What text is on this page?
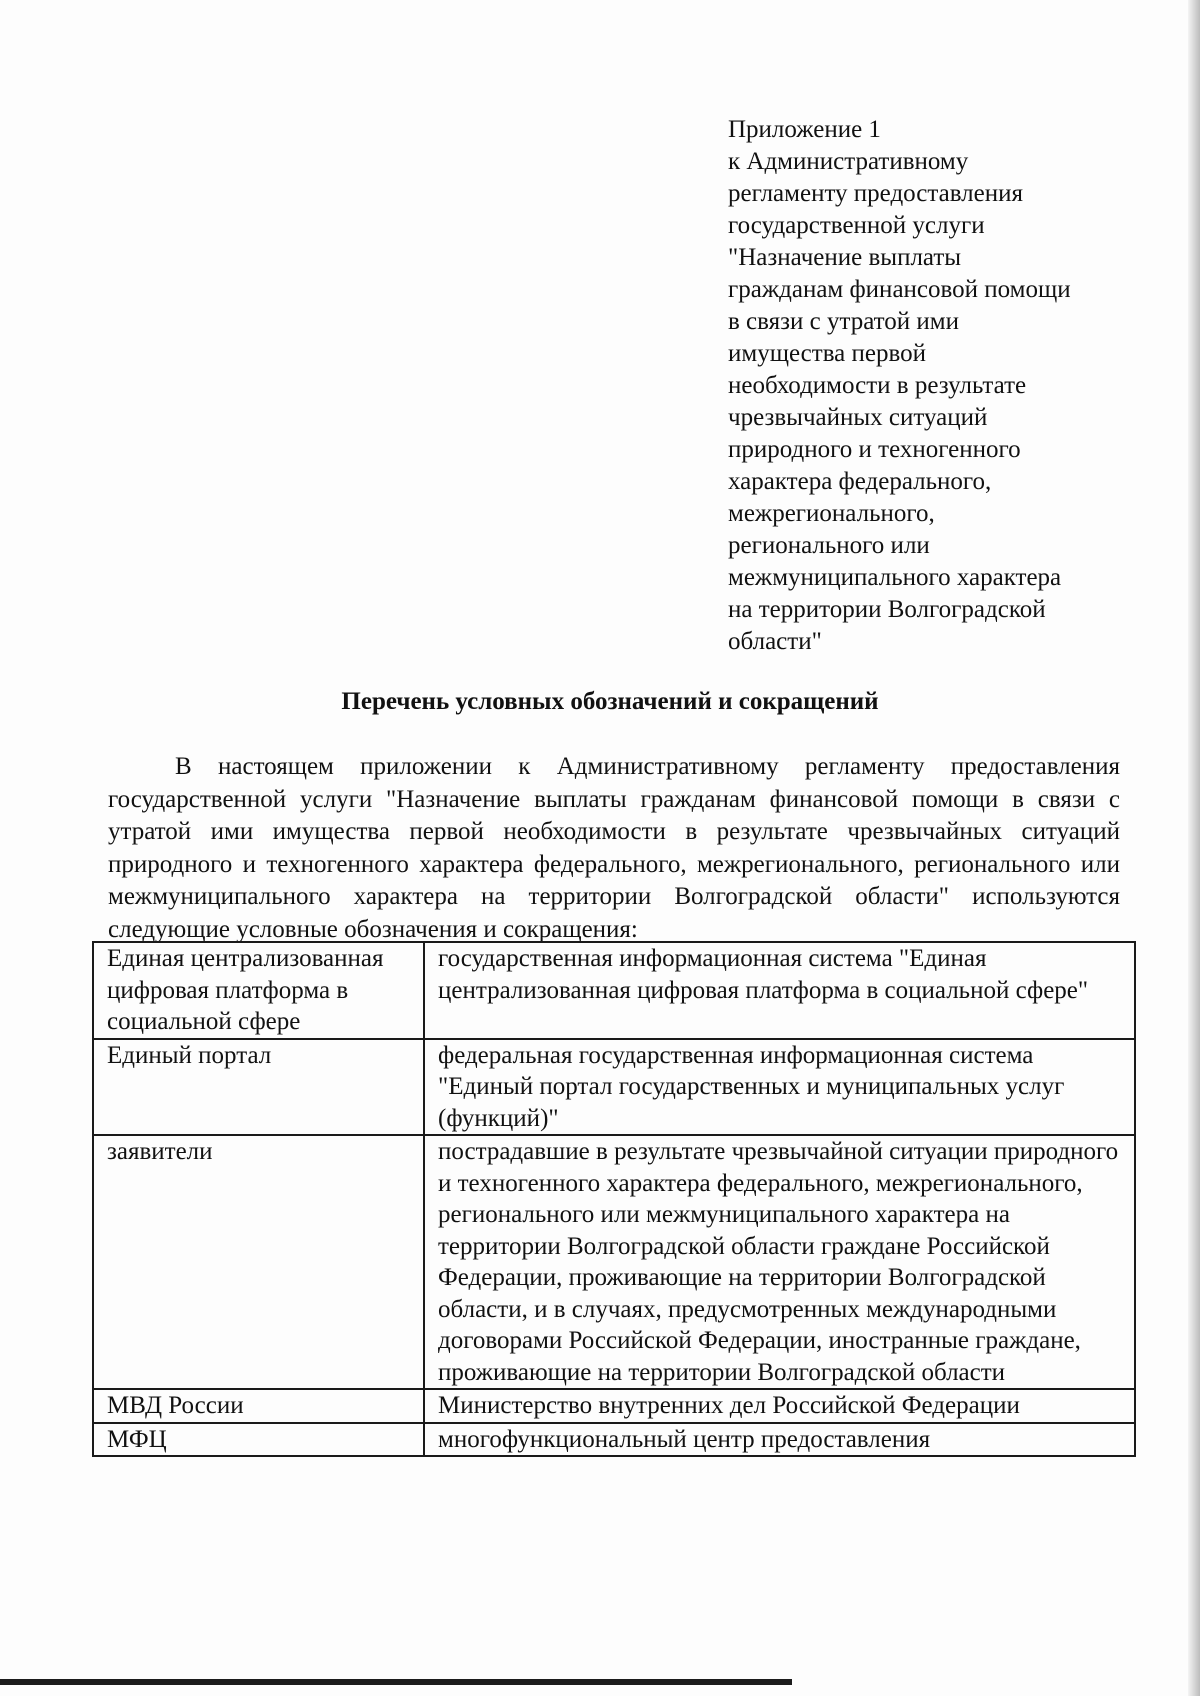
Приложение 1
к Административному
регламенту предоставления
государственной услуги
"Назначение выплаты
гражданам финансовой помощи
в связи с утратой ими
имущества первой
необходимости в результате
чрезвычайных ситуаций
природного и техногенного
характера федерального,
межрегионального,
регионального или
межмуниципального характера
на территории Волгоградской
области"
Перечень условных обозначений и сокращений

В настоящем приложении к Административному регламенту предоставления государственной услуги "Назначение выплаты гражданам финансовой помощи в связи с утратой ими имущества первой необходимости в результате чрезвычайных ситуаций природного и техногенного характера федерального, межрегионального, регионального или межмуниципального характера на территории Волгоградской области" используются следующие условные обозначения и сокращения:

Единая централизованная цифровая платформа в социальной сфере	государственная информационная система "Единая централизованная цифровая платформа в социальной сфере"
Единый портал	федеральная государственная информационная система "Единый портал государственных и муниципальных услуг (функций)"
заявители	пострадавшие в результате чрезвычайной ситуации природного и техногенного характера федерального, межрегионального, регионального или межмуниципального характера на территории Волгоградской области граждане Российской Федерации, проживающие на территории Волгоградской области, и в случаях, предусмотренных международными договорами Российской Федерации, иностранные граждане, проживающие на территории Волгоградской области
МВД России	Министерство внутренних дел Российской Федерации
МФЦ	многофункциональный центр предоставления
